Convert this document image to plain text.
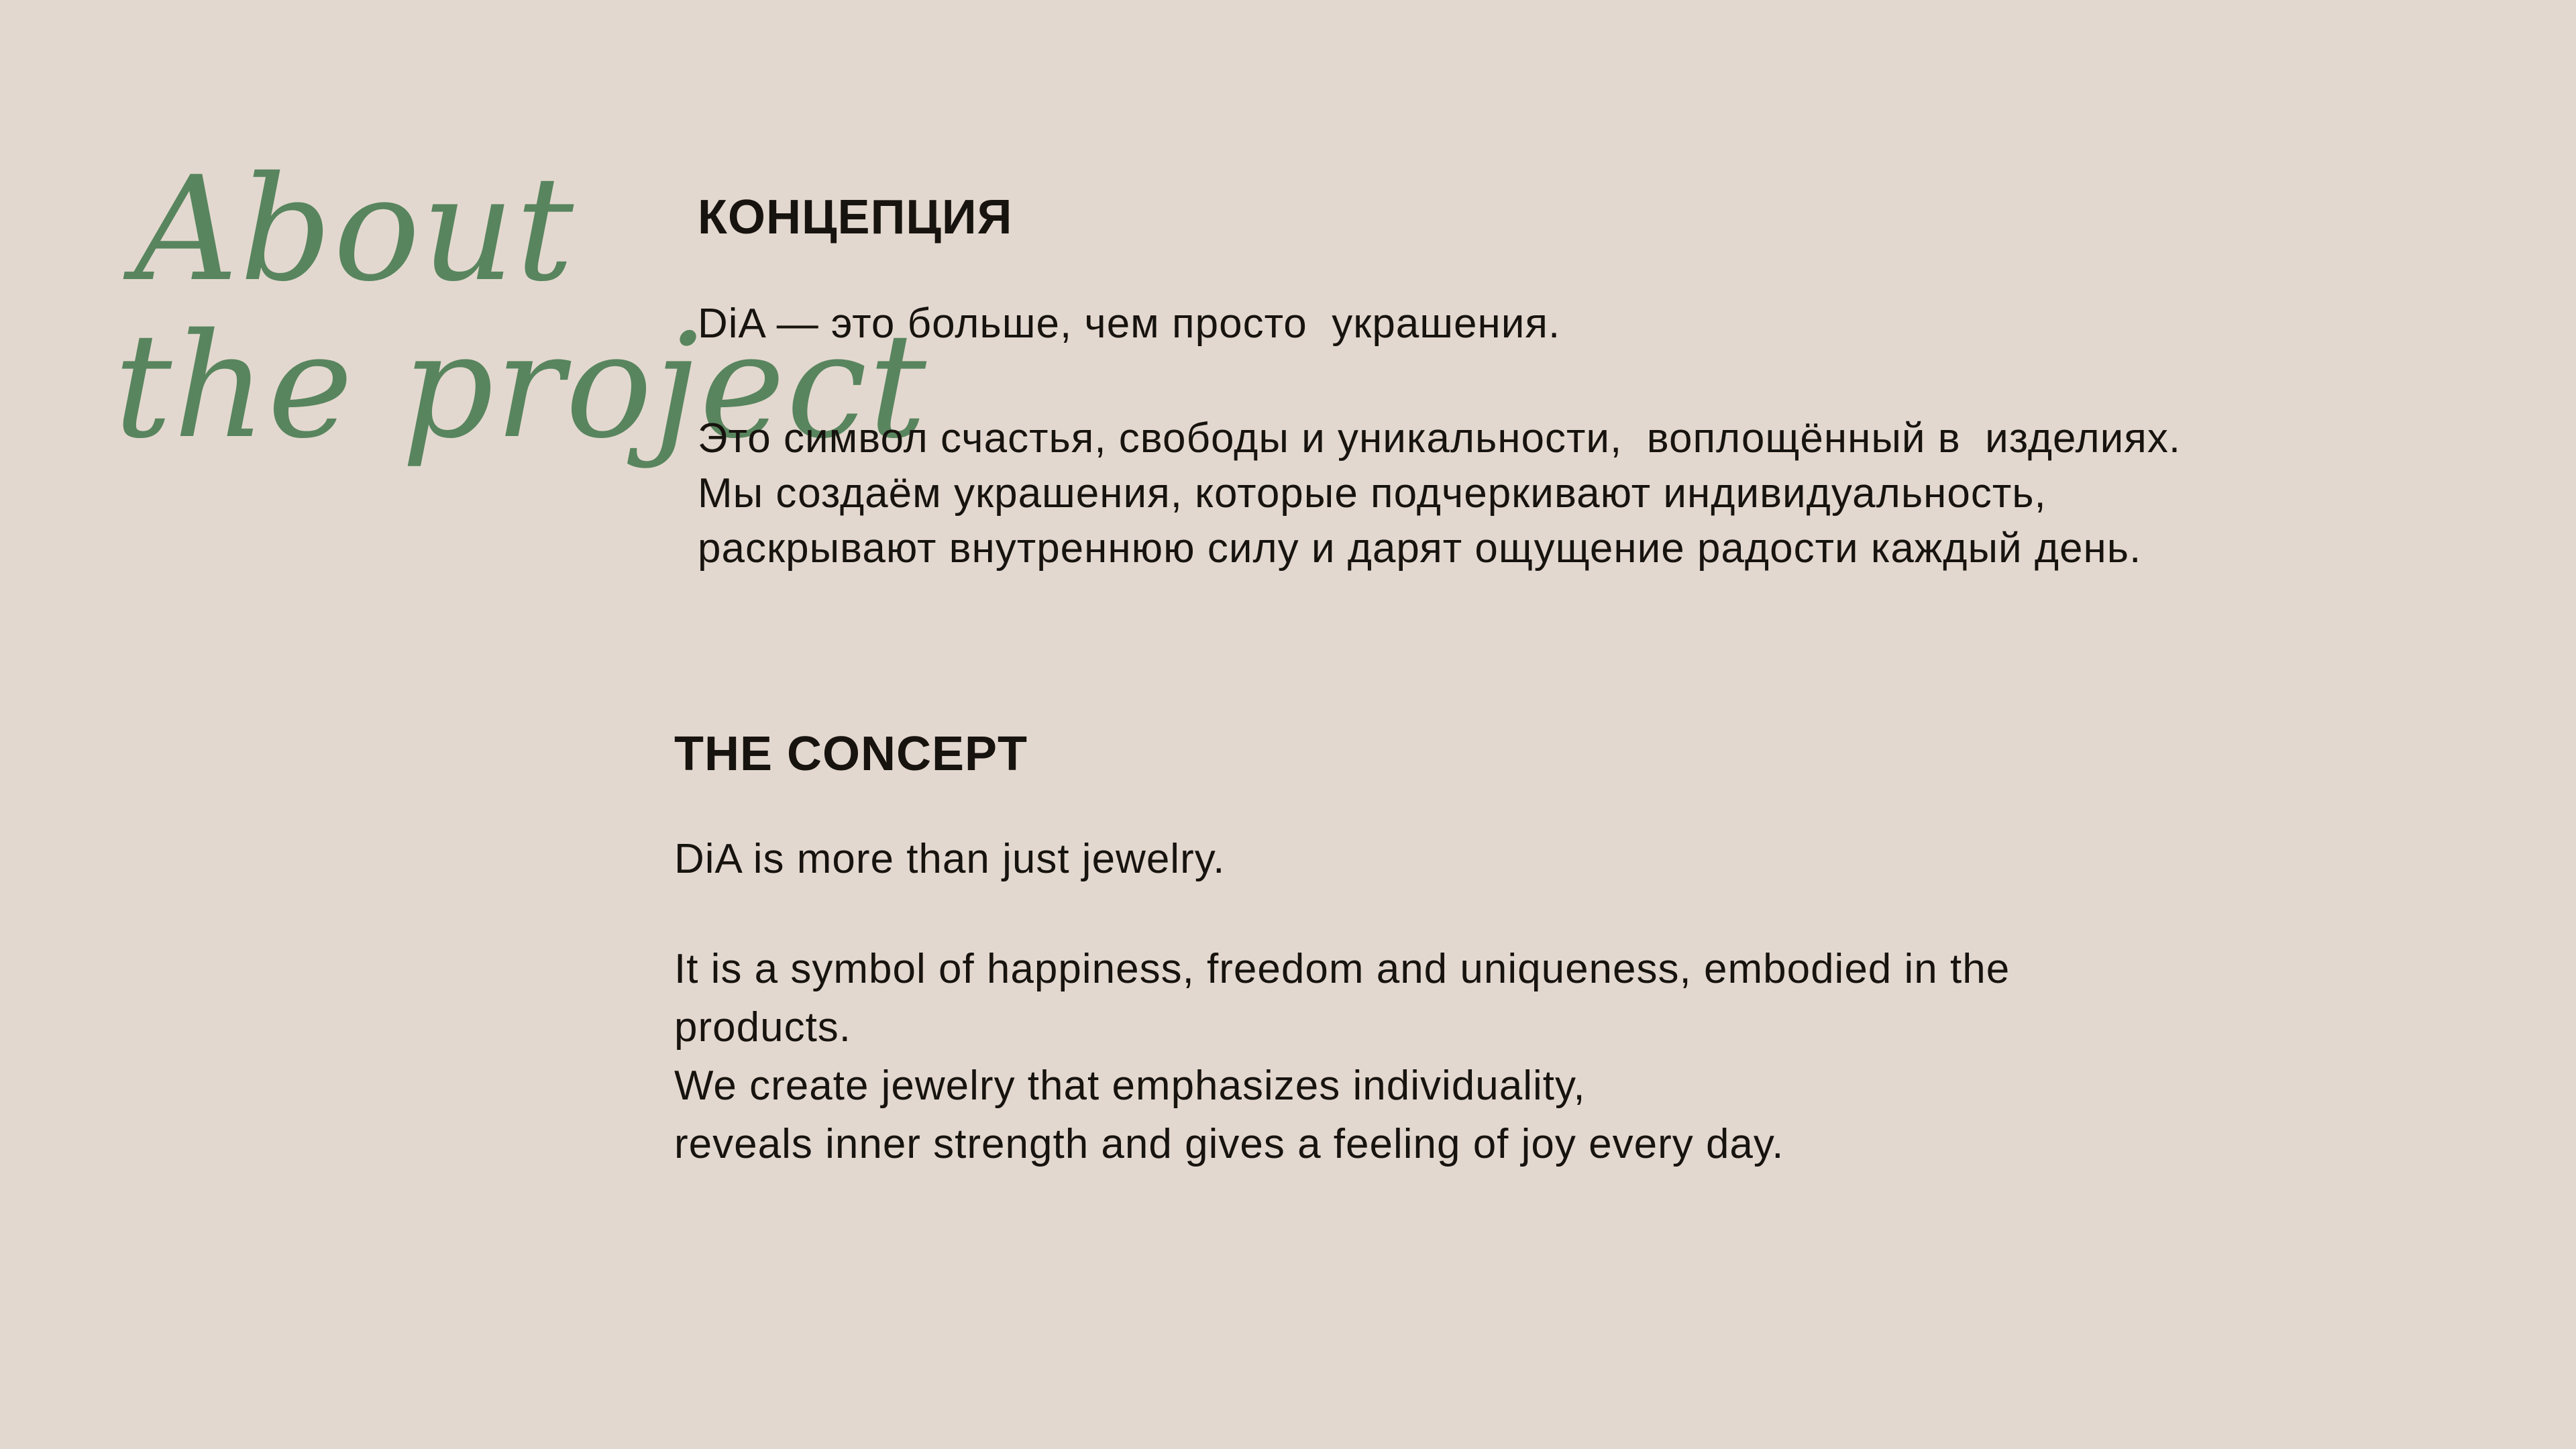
About
the project
КОНЦЕПЦИЯ
DiA — это больше, чем просто  украшения.
Это символ счастья, свободы и уникальности,  воплощённый в  изделиях.
Мы создаём украшения, которые подчеркивают индивидуальность,
раскрывают внутреннюю силу и дарят ощущение радости каждый день.
THE CONCEPT
DiA is more than just jewelry.
It is a symbol of happiness, freedom and uniqueness, embodied in the
products.
We create jewelry that emphasizes individuality,
reveals inner strength and gives a feeling of joy every day.
